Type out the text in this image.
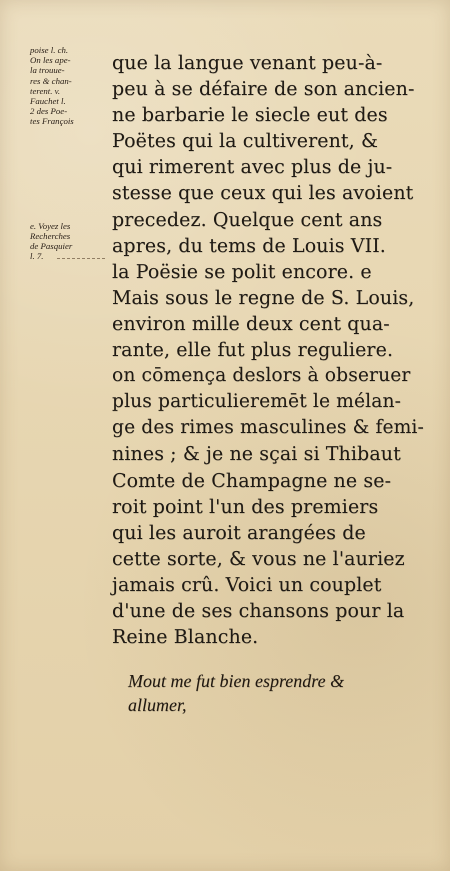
poise l. ch.
On les ape-
la trouue-
res & chan-
terent. v.
Fauchet l.
2 des Poe-
tes François
e. Voyez les
Recherches
de Pasquier
l. 7.
que la langue venant peu-à-
peu à se défaire de son ancien-
ne barbarie le siecle eut des
Poëtes qui la cultiverent, &
qui rimerent avec plus de ju-
stesse que ceux qui les avoient
precedez. Quelque cent ans
apres, du tems de Louis VII.
la Poësie se polit encore. e
Mais sous le regne de S. Louis,
environ mille deux cent qua-
rante, elle fut plus reguliere.
on cōmença deslors à obseruer
plus particulieremēt le mélan-
ge des rimes masculines & femi-
nines ; & je ne sçai si Thibaut
Comte de Champagne ne se-
roit point l'un des premiers
qui les auroit arangées de
cette sorte, & vous ne l'auriez
jamais crû. Voici un couplet
d'une de ses chansons pour la
Reine Blanche.
Mout me fut bien esprendre &
allumer,
